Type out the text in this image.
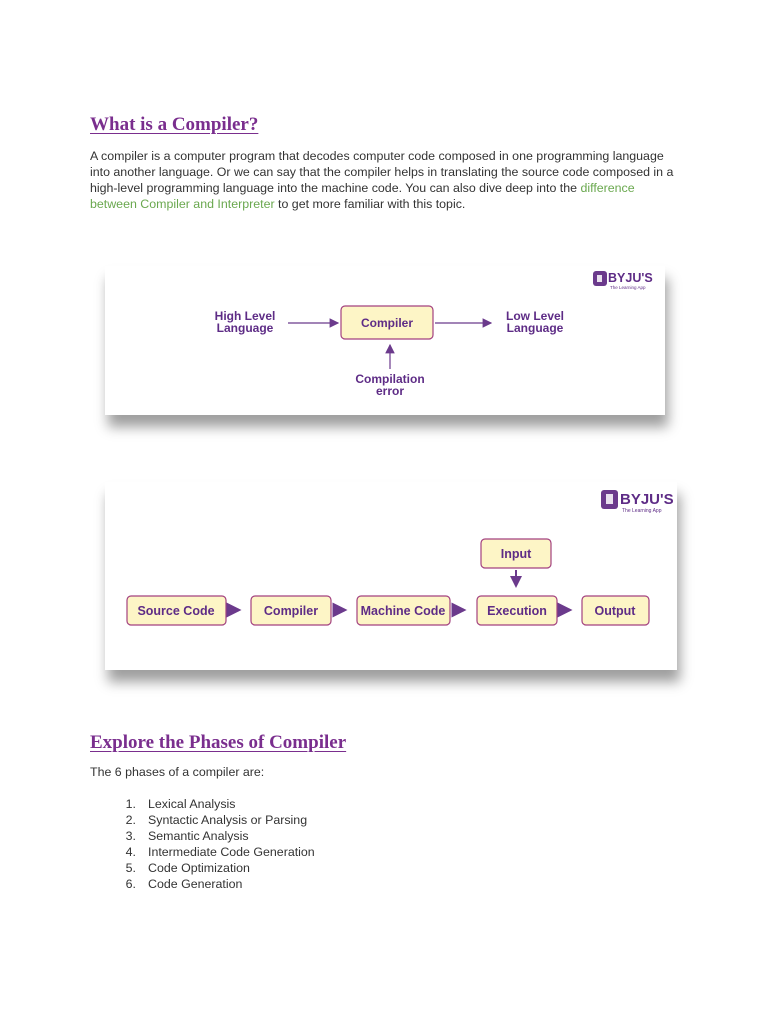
What is a Compiler?

A compiler is a computer program that decodes computer code composed in one programming language into another language. Or we can say that the compiler helps in translating the source code composed in a high-level programming language into the machine code. You can also dive deep into the difference between Compiler and Interpreter to get more familiar with this topic.

BYJU'S
The Learning App
High Level
Language	Compiler	Low Level
Language
Compilation
error
BYJU'S
The Learning App
Input
Source Code	Compiler	Machine Code	Execution	Output
Explore the Phases of Compiler

The 6 phases of a compiler are:

1. Lexical Analysis
2. Syntactic Analysis or Parsing
3. Semantic Analysis
4. Intermediate Code Generation
5. Code Optimization
6. Code Generation
